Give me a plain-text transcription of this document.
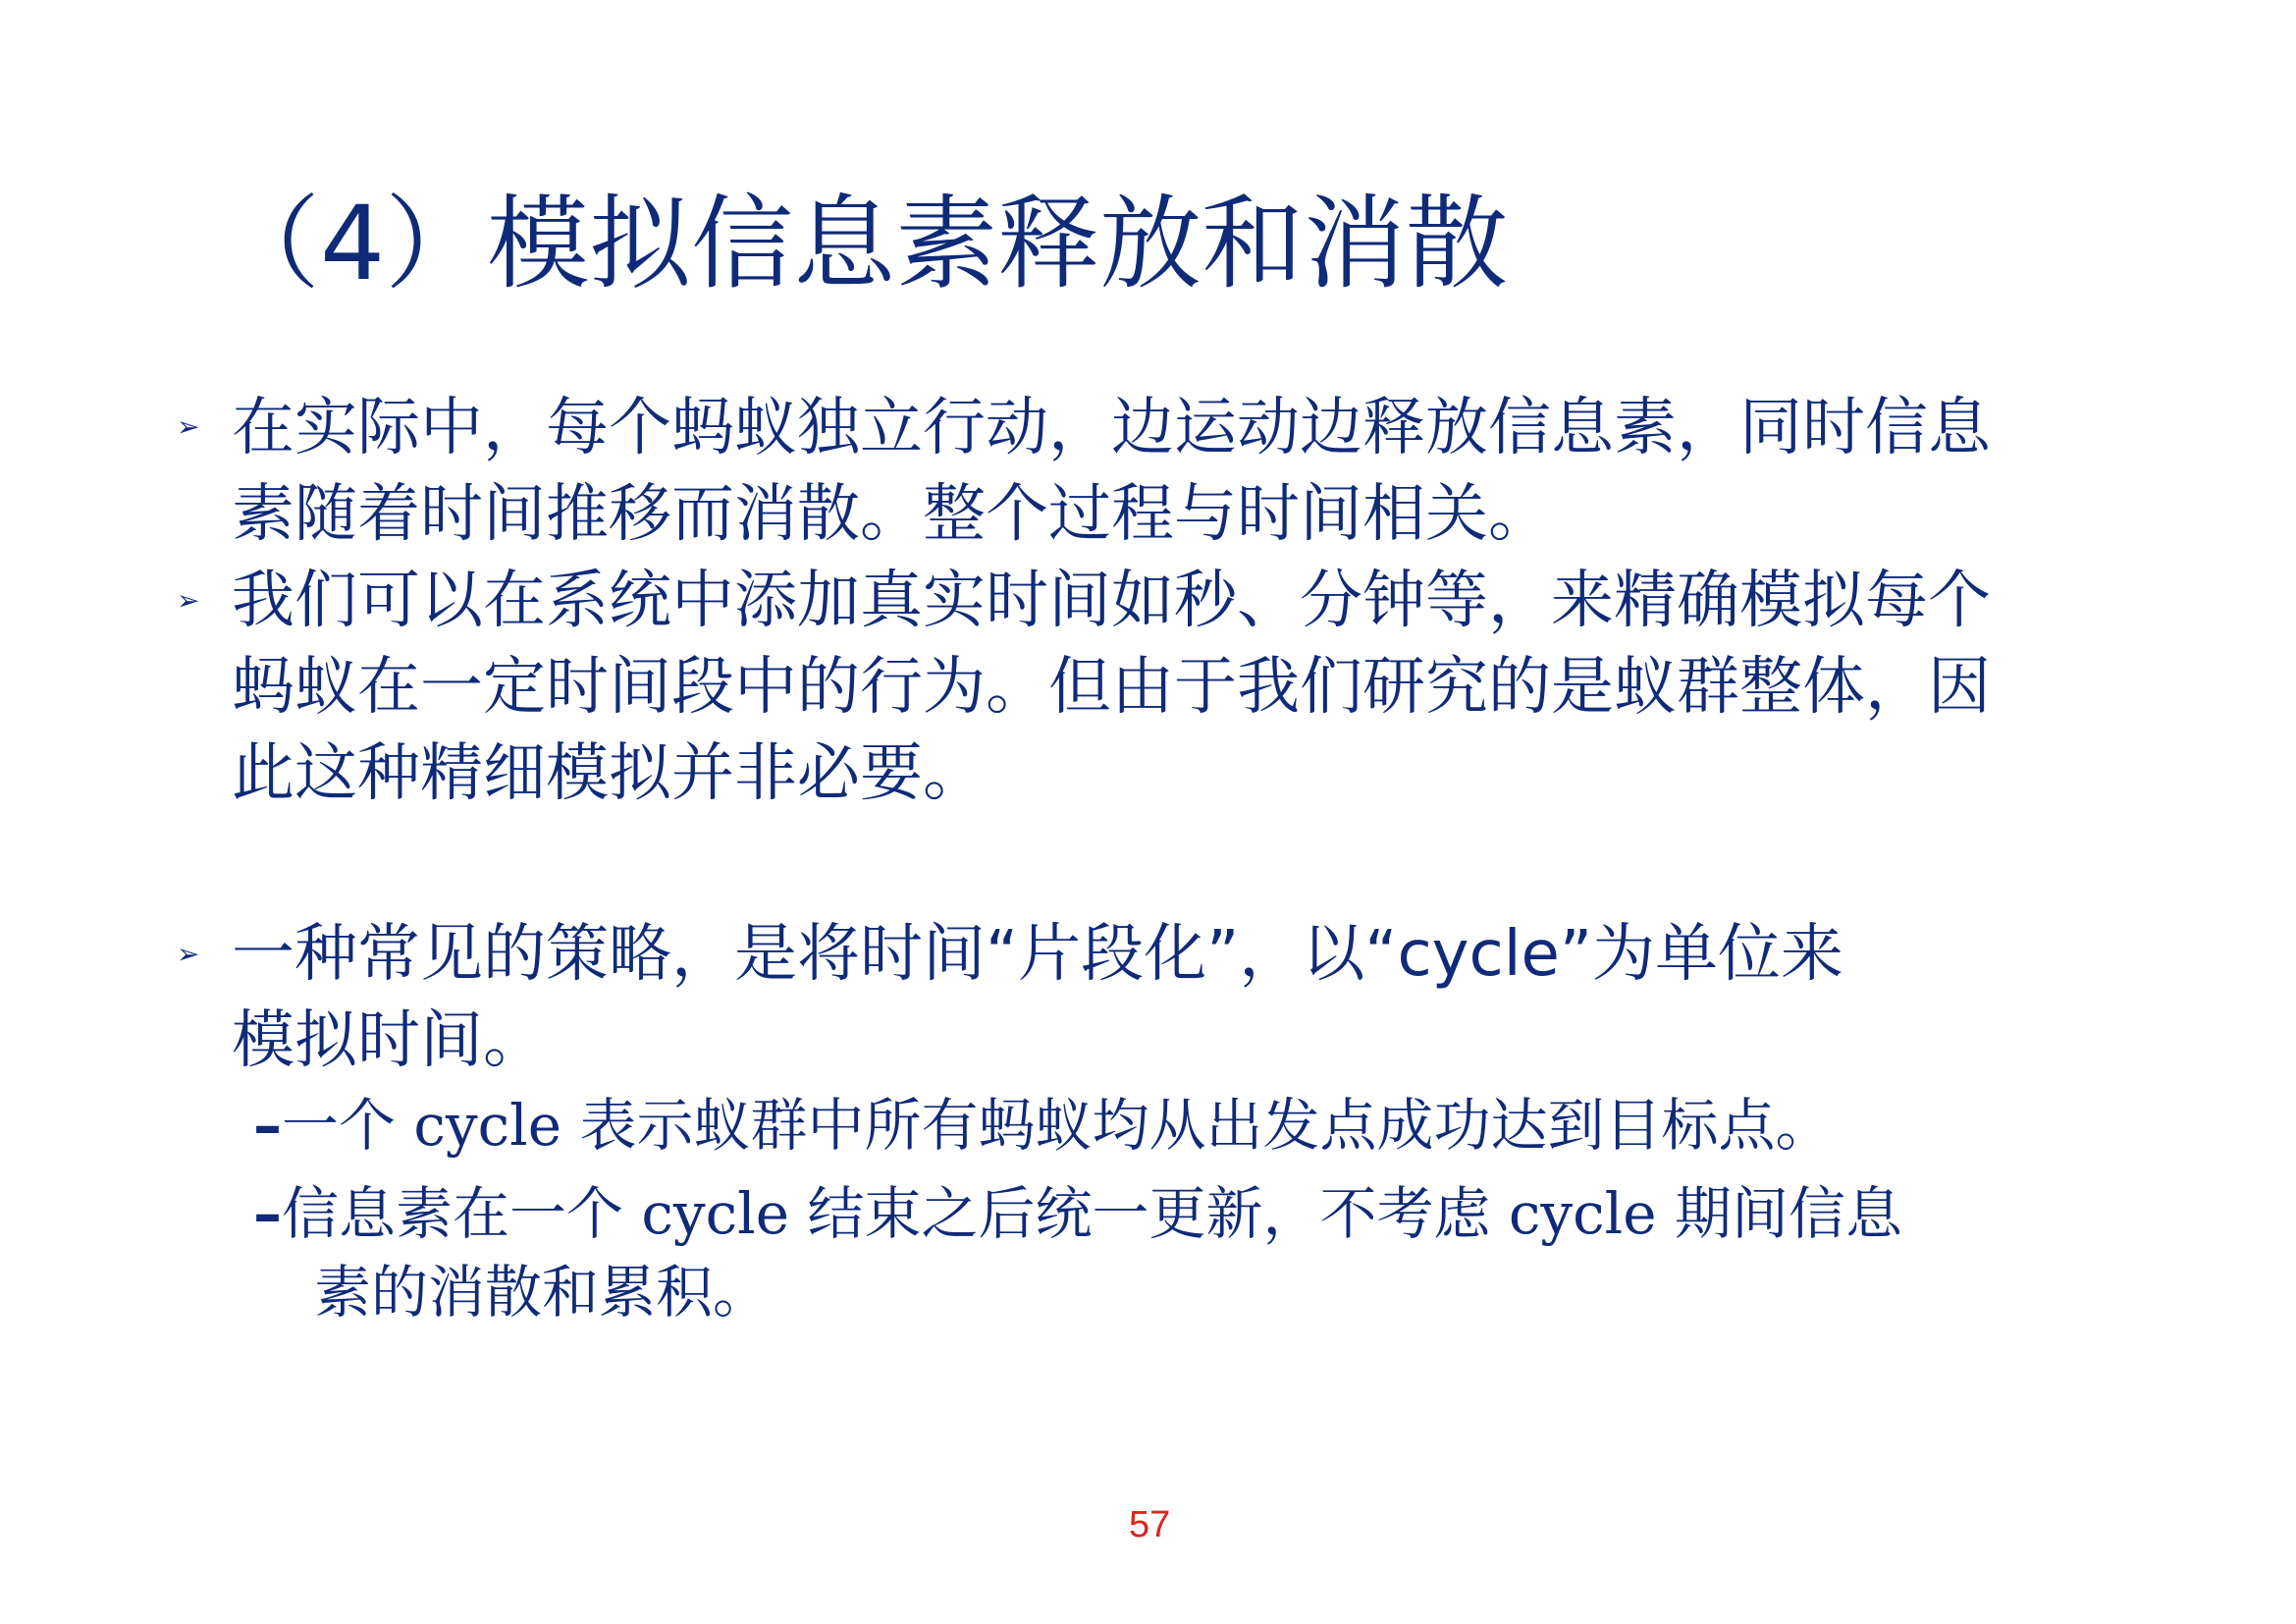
（4）模拟信息素释放和消散
➢ 在实际中，每个蚂蚁独立行动，边运动边释放信息素，同时信息
素随着时间推移而消散。整个过程与时间相关。

➢ 我们可以在系统中添加真实时间如秒、分钟等，来精确模拟每个
蚂蚁在一定时间段中的行为。但由于我们研究的是蚁群整体，因
此这种精细模拟并非必要。

➢ 一种常见的策略，是将时间“片段化”，以“cycle”为单位来
模拟时间。

–一个 cycle 表示蚁群中所有蚂蚁均从出发点成功达到目标点。

–信息素在一个 cycle 结束之后统一更新，不考虑 cycle 期间信息
素的消散和累积。

57
